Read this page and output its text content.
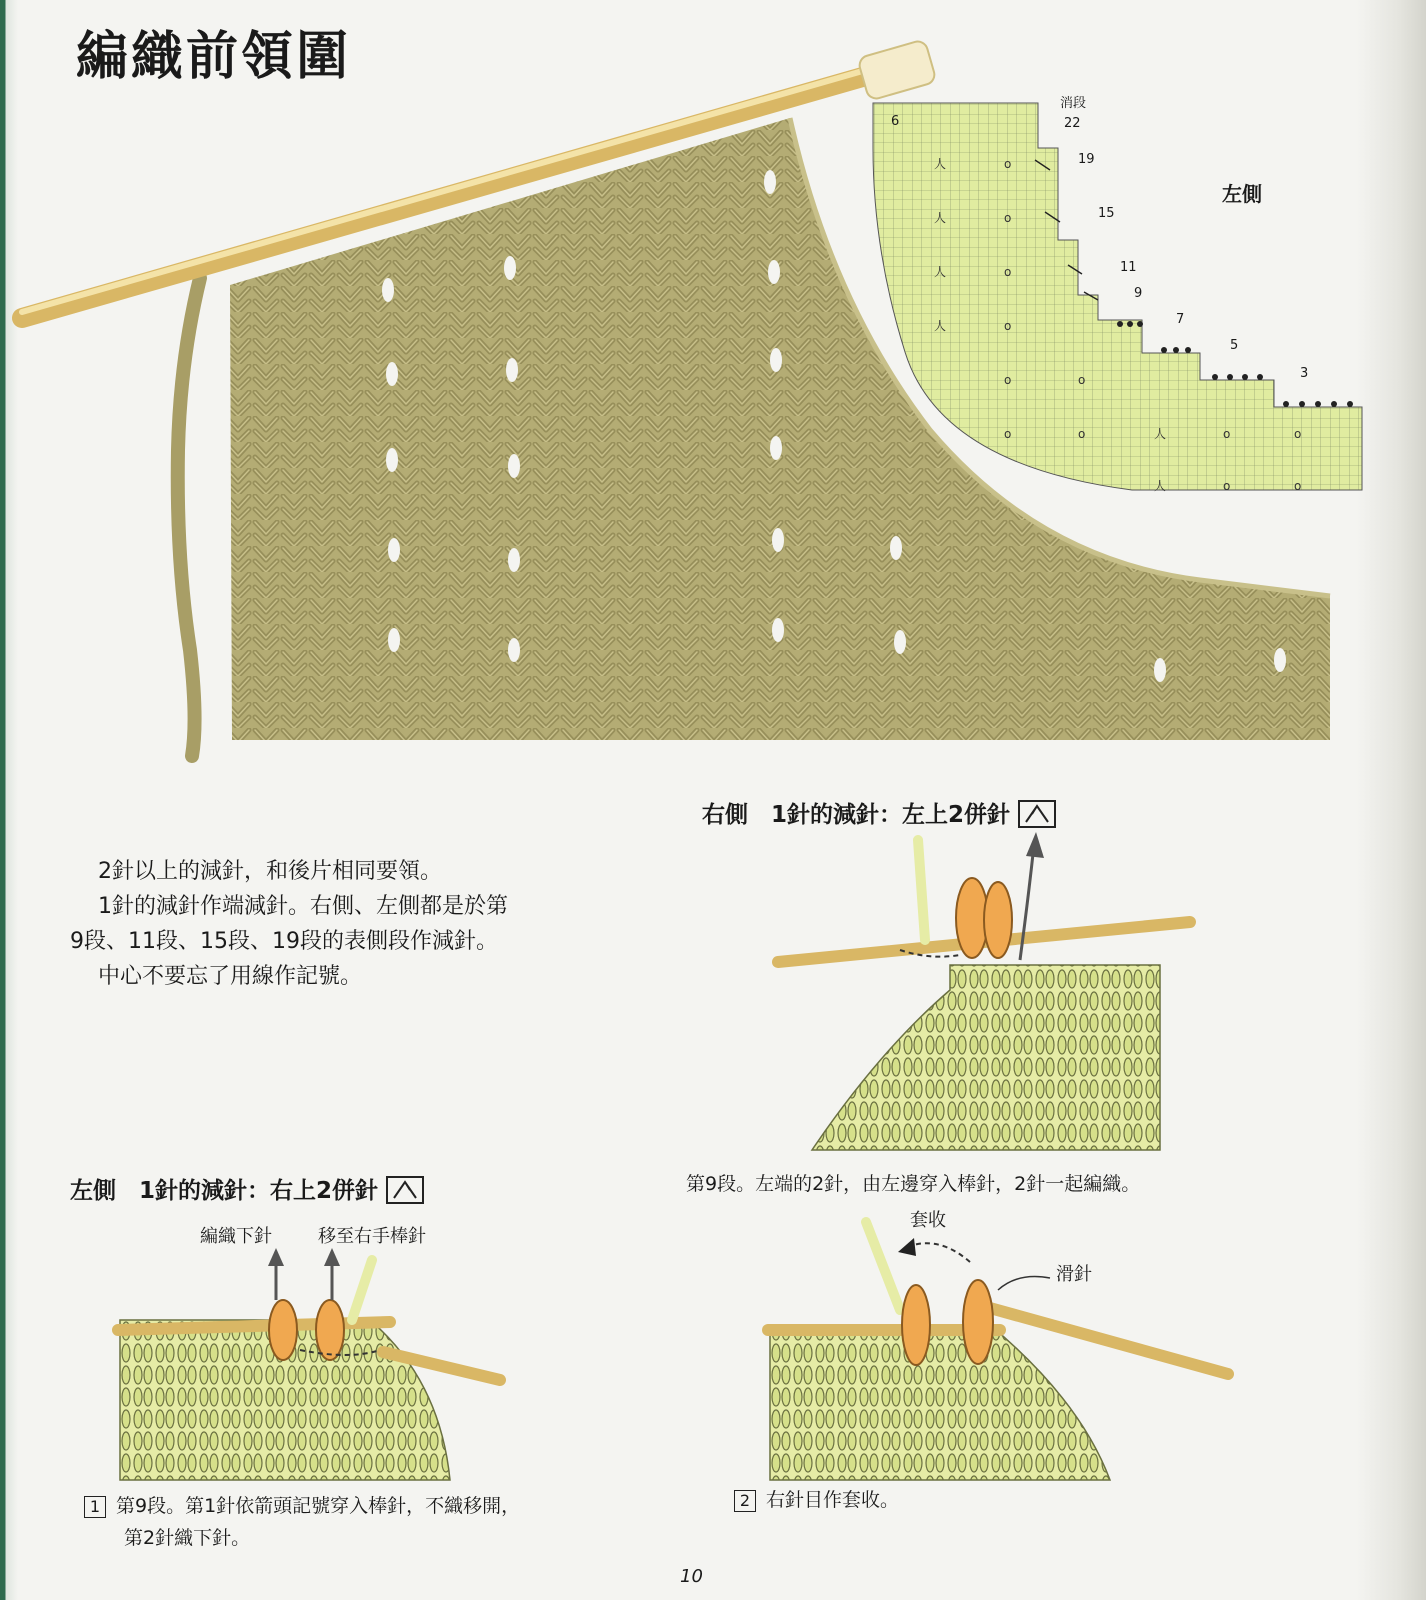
編織前領圍
o
o
o
o
o
o
o
o	o	o
o
o
人
人
人
人
人
人
消段
6	22
19
15
11
9
7
5
3
左側

2針以上的減針，和後片相同要領。

1針的減針作端減針。右側、左側都是於第

9段、11段、15段、19段的表側段作減針。

中心不要忘了用線作記號。

右側　1針的減針：左上2併針
第9段。左端的2針，由左邊穿入棒針，2針一起編織。
左側　1針的減針：右上2併針
編織下針	移至右手棒針
套收
滑針
1 第9段。第1針依箭頭記號穿入棒針，不織移開，
第2針織下針。
2 右針目作套收。
10
